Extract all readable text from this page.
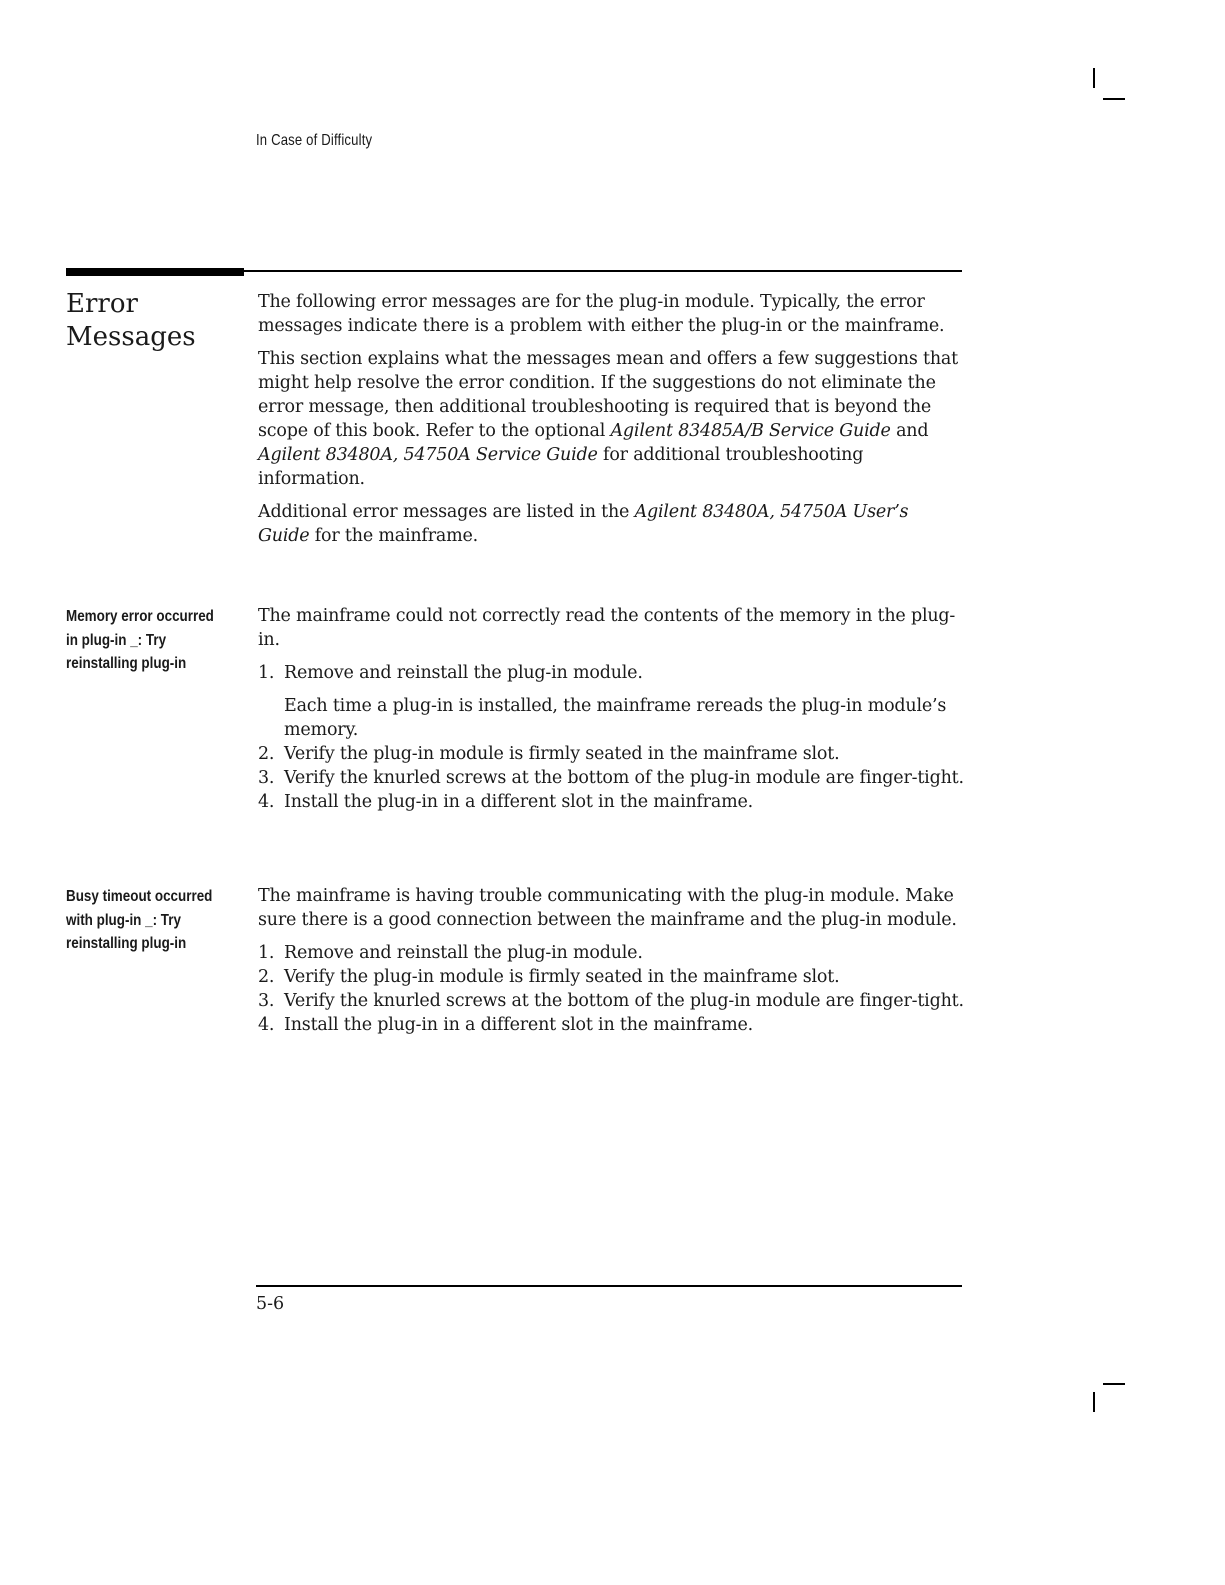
In Case of Difficulty
Error
Messages

The following error messages are for the plug-in module. Typically, the error messages indicate there is a problem with either the plug-in or the mainframe.

This section explains what the messages mean and offers a few suggestions that might help resolve the error condition. If the suggestions do not eliminate the error message, then additional troubleshooting is required that is beyond the scope of this book. Refer to the optional Agilent 83485A/B Service Guide and Agilent 83480A, 54750A Service Guide for additional troubleshooting information.

Additional error messages are listed in the Agilent 83480A, 54750A User’s Guide for the mainframe.

Memory error occurred
in plug-in _: Try
reinstalling plug-in

The mainframe could not correctly read the contents of the memory in the plug-in.

1. Remove and reinstall the plug-in module.
Each time a plug-in is installed, the mainframe rereads the plug-in module’s memory.
2. Verify the plug-in module is firmly seated in the mainframe slot.
3. Verify the knurled screws at the bottom of the plug-in module are finger-tight.
4. Install the plug-in in a different slot in the mainframe.
Busy timeout occurred
with plug-in _: Try
reinstalling plug-in

The mainframe is having trouble communicating with the plug-in module. Make sure there is a good connection between the mainframe and the plug-in module.

1. Remove and reinstall the plug-in module.
2. Verify the plug-in module is firmly seated in the mainframe slot.
3. Verify the knurled screws at the bottom of the plug-in module are finger-tight.
4. Install the plug-in in a different slot in the mainframe.
5-6
